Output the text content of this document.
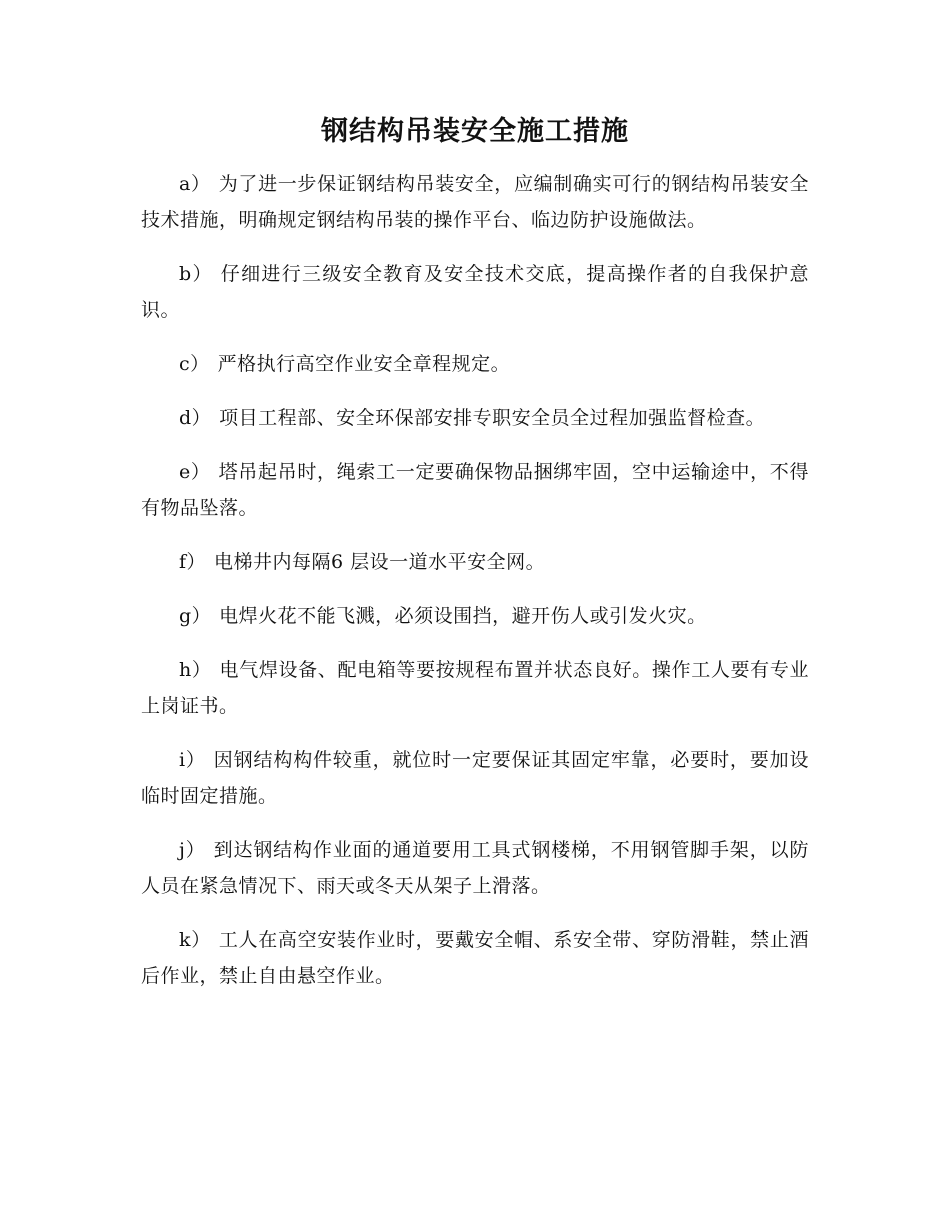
钢结构吊装安全施工措施

a） 为了进一步保证钢结构吊装安全，应编制确实可行的钢结构吊装安全技术措施，明确规定钢结构吊装的操作平台、临边防护设施做法。

b） 仔细进行三级安全教育及安全技术交底，提高操作者的自我保护意识。

c） 严格执行高空作业安全章程规定。

d） 项目工程部、安全环保部安排专职安全员全过程加强监督检查。

e） 塔吊起吊时，绳索工一定要确保物品捆绑牢固，空中运输途中，不得有物品坠落。

f） 电梯井内每隔6 层设一道水平安全网。

g） 电焊火花不能飞溅，必须设围挡，避开伤人或引发火灾。

h） 电气焊设备、配电箱等要按规程布置并状态良好。操作工人要有专业上岗证书。

i） 因钢结构构件较重，就位时一定要保证其固定牢靠，必要时，要加设临时固定措施。

j） 到达钢结构作业面的通道要用工具式钢楼梯，不用钢管脚手架，以防人员在紧急情况下、雨天或冬天从架子上滑落。

k） 工人在高空安装作业时，要戴安全帽、系安全带、穿防滑鞋，禁止酒后作业，禁止自由悬空作业。
